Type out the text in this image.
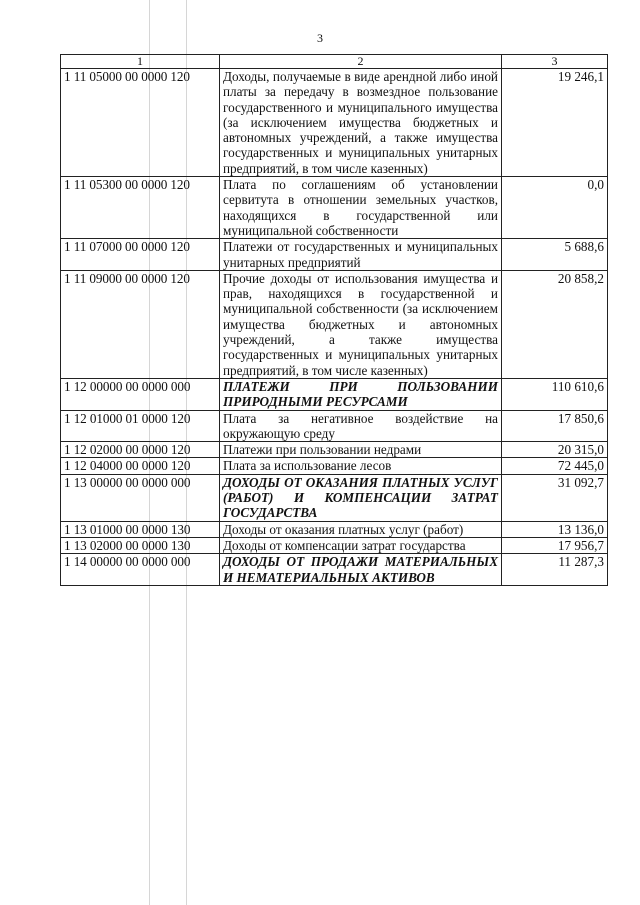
3
1	2	3
1 11 05000 00 0000 120	Доходы, получаемые в виде арендной либо иной платы за передачу в возмездное пользование государственного и муниципального имущества (за исключением имущества бюджетных и автономных учреждений, а также имущества государственных и муниципальных унитарных предприятий, в том числе казенных)	19 246,1
1 11 05300 00 0000 120	Плата по соглашениям об установлении сервитута в отношении земельных участков, находящихся в государственной или муниципальной собственности	0,0
1 11 07000 00 0000 120	Платежи от государственных и муниципальных унитарных предприятий	5 688,6
1 11 09000 00 0000 120	Прочие доходы от использования имущества и прав, находящихся в государственной и муниципальной собственности (за исключением имущества бюджетных и автономных учреждений, а также имущества государственных и муниципальных унитарных предприятий, в том числе казенных)	20 858,2
1 12 00000 00 0000 000	ПЛАТЕЖИ ПРИ ПОЛЬЗОВАНИИ ПРИРОДНЫМИ РЕСУРСАМИ	110 610,6
1 12 01000 01 0000 120	Плата за негативное воздействие на окружающую среду	17 850,6
1 12 02000 00 0000 120	Платежи при пользовании недрами	20 315,0
1 12 04000 00 0000 120	Плата за использование лесов	72 445,0
1 13 00000 00 0000 000	ДОХОДЫ ОТ ОКАЗАНИЯ ПЛАТНЫХ УСЛУГ (РАБОТ) И КОМПЕНСАЦИИ ЗАТРАТ ГОСУДАРСТВА	31 092,7
1 13 01000 00 0000 130	Доходы от оказания платных услуг (работ)	13 136,0
1 13 02000 00 0000 130	Доходы от компенсации затрат государства	17 956,7
1 14 00000 00 0000 000	ДОХОДЫ ОТ ПРОДАЖИ МАТЕРИАЛЬНЫХ И НЕМАТЕРИАЛЬНЫХ АКТИВОВ	11 287,3
